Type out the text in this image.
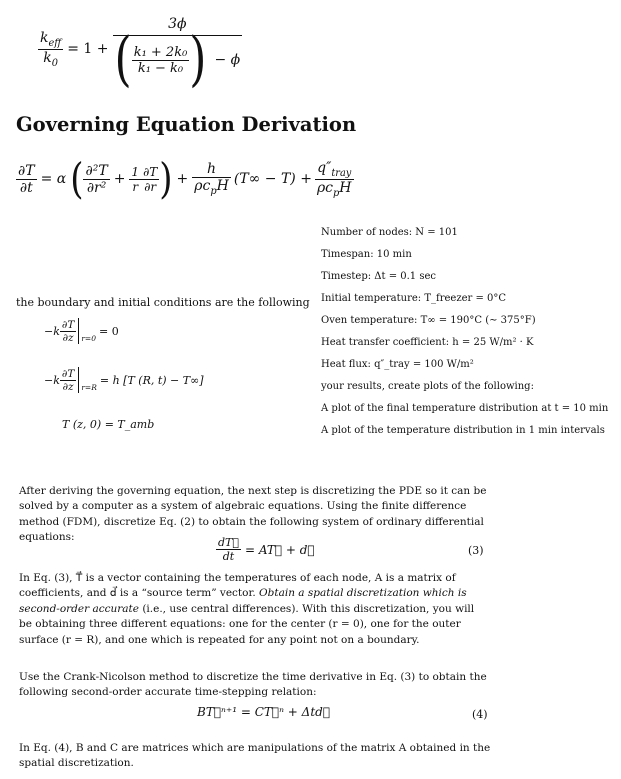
$\frac{k_{eff}}{k_0} = 1$ +
3ϕ
( $\frac{\text{k₁ + 2k₀}}{\text{k₁ − k₀}}$ ) − ϕ
Governing Equation Derivation
$\frac{\partial T}{\partial t} = \alpha$ ( $\frac{\text{∂²T}}{\text{∂r²}} + \frac{1}{r} \frac{\partial T}{\partial r}$ ) + $\frac{h}{\rho c_pH} (T\infty - T) + \frac{q''_{tray}}{\rho c_pH}$
Number of nodes: N = 101
Timespan: 10 min
Timestep: Δt = 0.1 sec
Initial temperature: T_freezer = 0°C
Oven temperature: T∞ = 190°C (∼ 375°F)
Heat transfer coefficient: h = 25 W/m² · K
Heat flux: q″_tray = 100 W/m²
your results, create plots of the following:
A plot of the final temperature distribution at t = 10 min
A plot of the temperature distribution in 1 min intervals
the boundary and initial conditions are the following
$-k \frac{\partial T}{\partial z} r=0$
= 0
$-k \frac{\partial T}{\partial z} r=R$
= h [T (R, t) − T∞]
T (z, 0) = T_amb
After deriving the governing equation, the next step is discretizing the PDE so it can be solved by a computer as a system of algebraic equations. Using the finite difference method (FDM), discretize Eq. (2) to obtain the following system of ordinary differential equations:	$\frac{dT⃗}{dt}$ = AT⃗ + d⃗	(3)
In Eq. (3), T⃗ is a vector containing the temperatures of each node, A is a matrix of coefficients, and d⃗ is a “source term” vector. Obtain a spatial discretization which is second-order accurate (i.e., use central differences). With this discretization, you will be obtaining three different equations: one for the center (r = 0), one for the outer surface (r = R), and one which is repeated for any point not on a boundary.
Use the Crank-Nicolson method to discretize the time derivative in Eq. (3) to obtain the following second-order accurate time-stepping relation:
BT⃗ⁿ⁺¹ = CT⃗ⁿ + Δtd⃗	(4)
In Eq. (4), B and C are matrices which are manipulations of the matrix A obtained in the spatial discretization.
